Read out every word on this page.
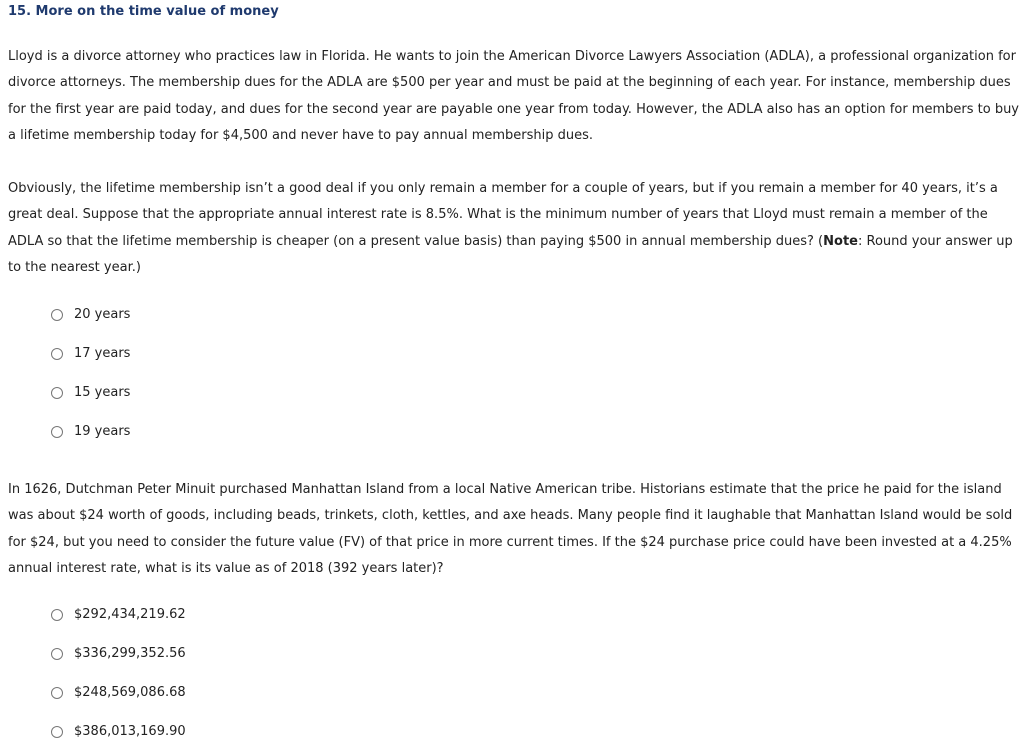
15. More on the time value of money

Lloyd is a divorce attorney who practices law in Florida. He wants to join the American Divorce Lawyers Association (ADLA), a professional organization for divorce attorneys. The membership dues for the ADLA are $500 per year and must be paid at the beginning of each year. For instance, membership dues for the first year are paid today, and dues for the second year are payable one year from today. However, the ADLA also has an option for members to buy a lifetime membership today for $4,500 and never have to pay annual membership dues.

Obviously, the lifetime membership isn’t a good deal if you only remain a member for a couple of years, but if you remain a member for 40 years, it’s a great deal. Suppose that the appropriate annual interest rate is 8.5%. What is the minimum number of years that Lloyd must remain a member of the ADLA so that the lifetime membership is cheaper (on a present value basis) than paying $500 in annual membership dues? (Note: Round your answer up to the nearest year.)

20 years
17 years
15 years
19 years

In 1626, Dutchman Peter Minuit purchased Manhattan Island from a local Native American tribe. Historians estimate that the price he paid for the island was about $24 worth of goods, including beads, trinkets, cloth, kettles, and axe heads. Many people find it laughable that Manhattan Island would be sold for $24, but you need to consider the future value (FV) of that price in more current times. If the $24 purchase price could have been invested at a 4.25% annual interest rate, what is its value as of 2018 (392 years later)?

$292,434,219.62
$336,299,352.56
$248,569,086.68
$386,013,169.90
